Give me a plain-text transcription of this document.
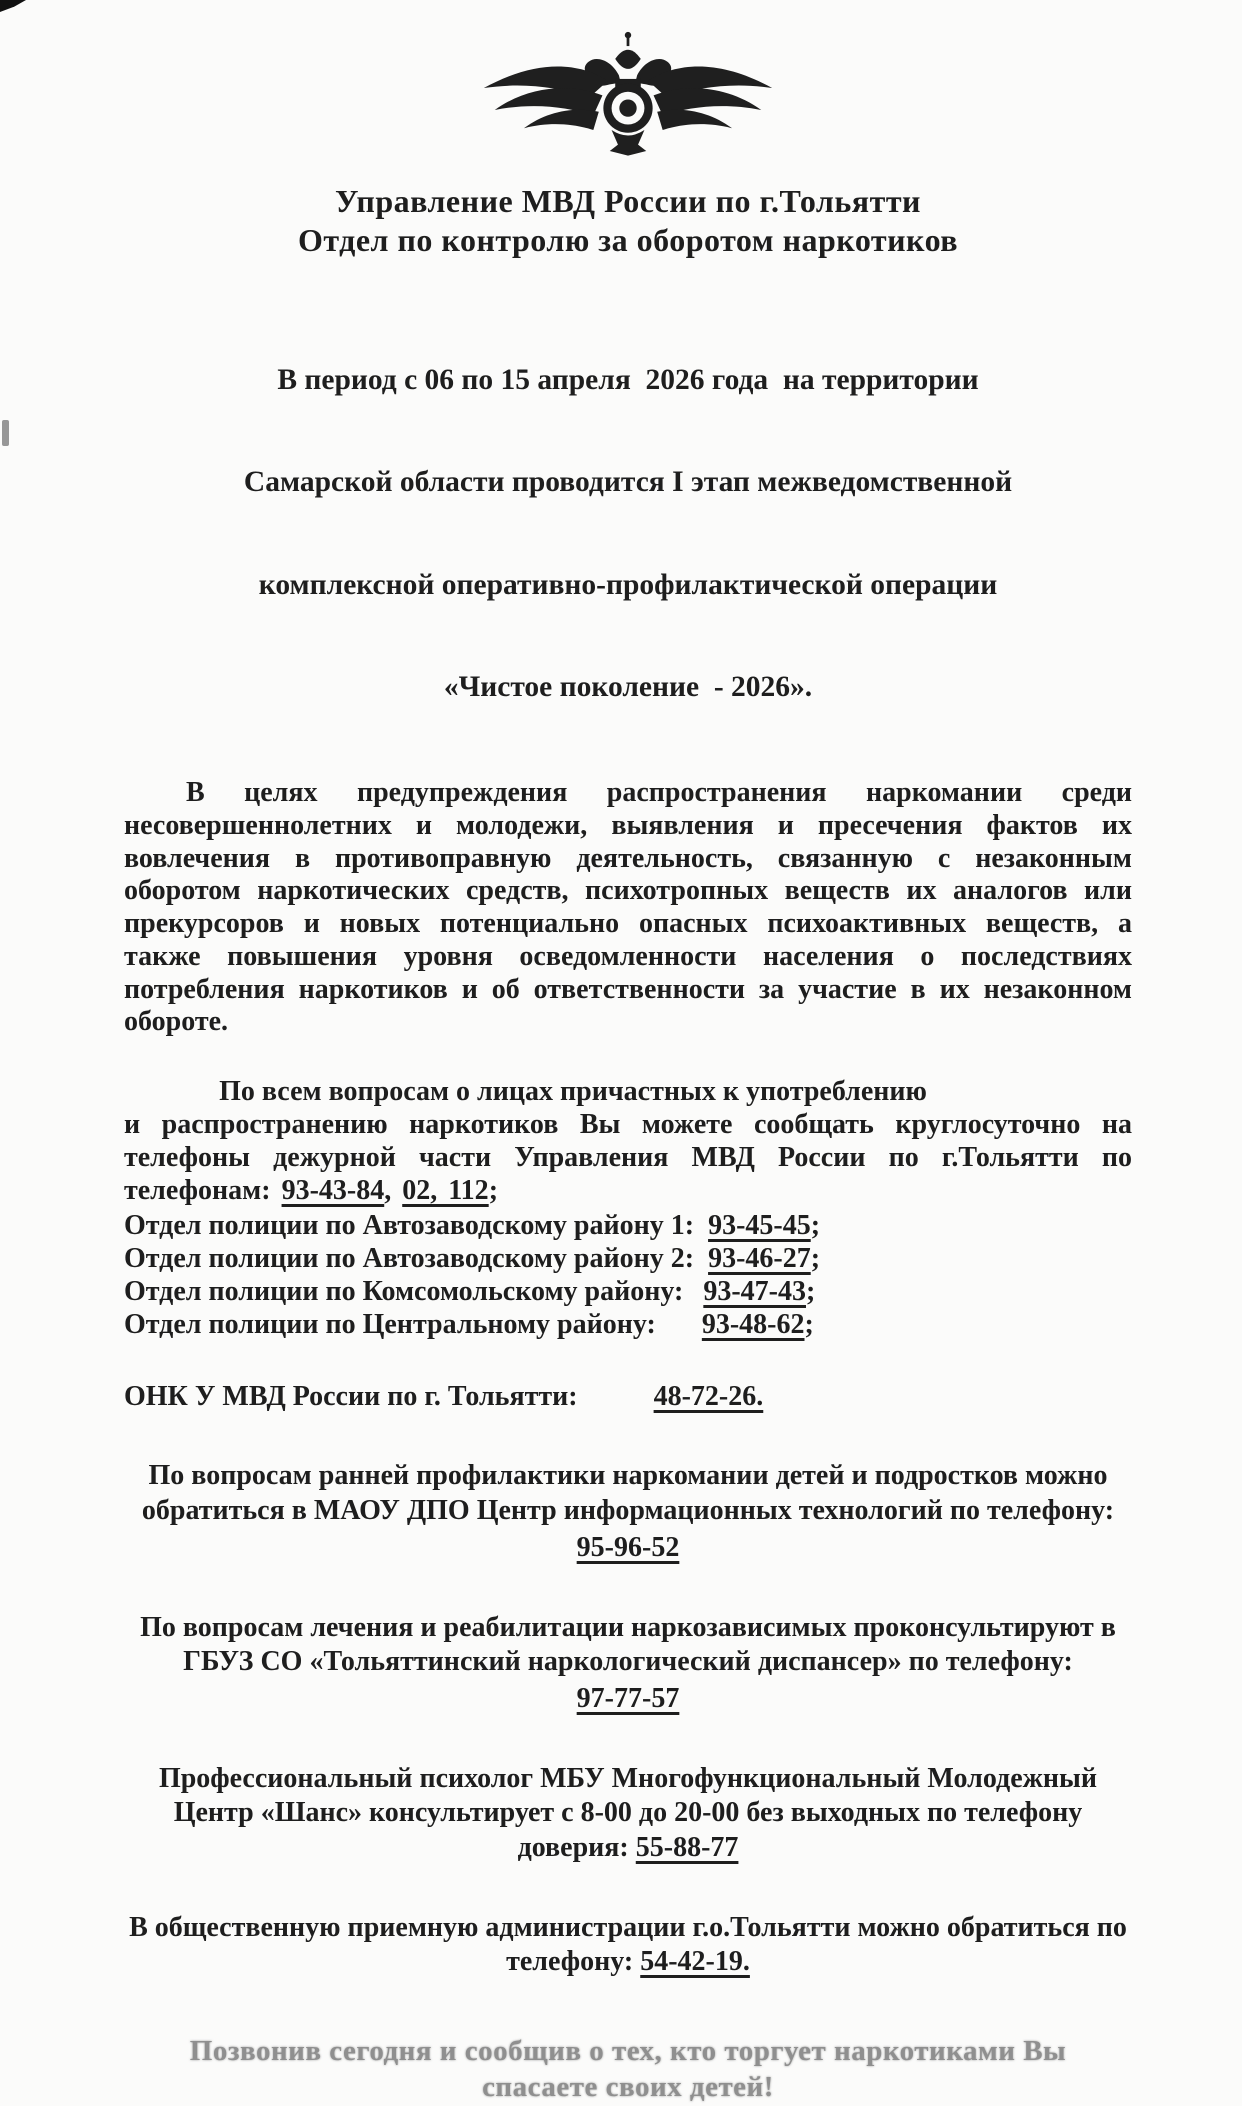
Управление МВД России по г.Тольятти
Отдел по контролю за оборотом наркотиков

В период с 06 по 15 апреля  2026 года  на территории

Самарской области проводится I этап межведомственной

комплексной оперативно-профилактической операции

«Чистое поколение  - 2026».

В целях предупреждения распространения наркомании среди несовершеннолетних и молодежи, выявления и пресечения фактов их вовлечения в противоправную деятельность, связанную с незаконным оборотом наркотических средств, психотропных веществ их аналогов или прекурсоров и новых потенциально опасных психоактивных веществ, а также повышения уровня осведомленности населения о последствиях потребления наркотиков и об ответственности за участие в их незаконном обороте.

По всем вопросам о лицах причастных к употреблению
и распространению наркотиков Вы можете сообщать круглосуточно на телефоны дежурной части Управления МВД России по г.Тольятти по телефонам: 93-43-84, 02, 112;
Отдел полиции по Автозаводскому району 1: 93-45-45;
Отдел полиции по Автозаводскому району 2: 93-46-27;
Отдел полиции по Комсомольскому району: 93-47-43;
Отдел полиции по Центральному району: 93-48-62;
ОНК У МВД России по г. Тольятти:	48-72-26.
По вопросам ранней профилактики наркомании детей и подростков можно обратиться в МАОУ ДПО Центр информационных технологий по телефону:
95-96-52
По вопросам лечения и реабилитации наркозависимых проконсультируют в ГБУЗ СО «Тольяттинский наркологический диспансер» по телефону:
97-77-57
Профессиональный психолог МБУ Многофункциональный Молодежный Центр «Шанс» консультирует с 8-00 до 20-00 без выходных по телефону доверия: 55-88-77
В общественную приемную администрации г.о.Тольятти можно обратиться по телефону: 54-42-19.
Позвонив сегодня и сообщив о тех, кто торгует наркотиками Вы спасаете своих детей!
